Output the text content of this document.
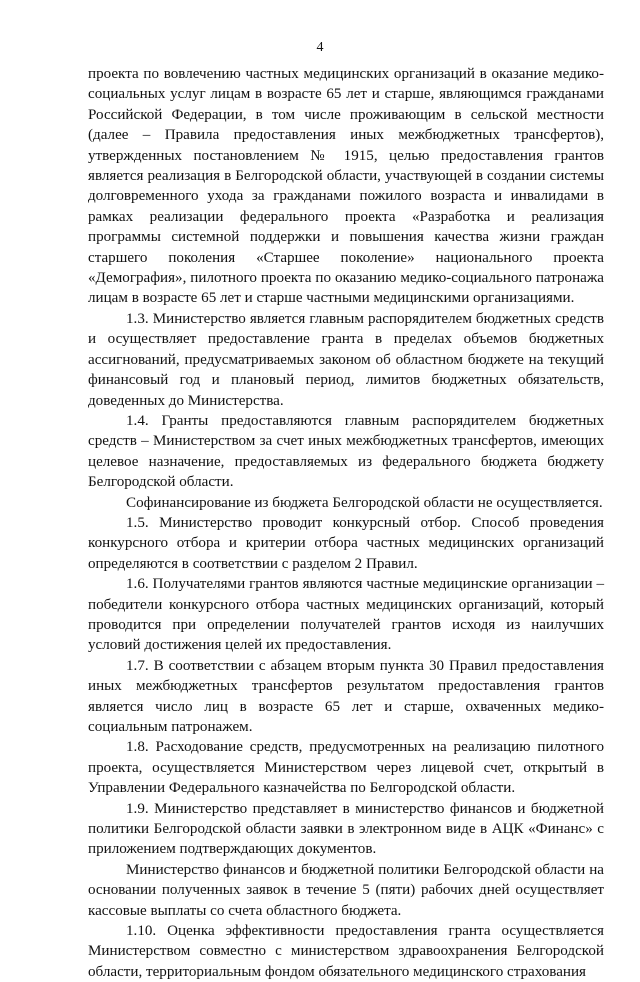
4

проекта по вовлечению частных медицинских организаций в оказание медико-социальных услуг лицам в возрасте 65 лет и старше, являющимся гражданами Российской Федерации, в том числе проживающим в сельской местности (далее – Правила предоставления иных межбюджетных трансфертов), утвержденных постановлением № 1915, целью предоставления грантов является реализация в Белгородской области, участвующей в создании системы долговременного ухода за гражданами пожилого возраста и инвалидами в рамках реализации федерального проекта «Разработка и реализация программы системной поддержки и повышения качества жизни граждан старшего поколения «Старшее поколение» национального проекта «Демография», пилотного проекта по оказанию медико-социального патронажа лицам в возрасте 65 лет и старше частными медицинскими организациями.

1.3. Министерство является главным распорядителем бюджетных средств и осуществляет предоставление гранта в пределах объемов бюджетных ассигнований, предусматриваемых законом об областном бюджете на текущий финансовый год и плановый период, лимитов бюджетных обязательств, доведенных до Министерства.

1.4. Гранты предоставляются главным распорядителем бюджетных средств – Министерством за счет иных межбюджетных трансфертов, имеющих целевое назначение, предоставляемых из федерального бюджета бюджету Белгородской области.

Софинансирование из бюджета Белгородской области не осуществляется.

1.5. Министерство проводит конкурсный отбор. Способ проведения конкурсного отбора и критерии отбора частных медицинских организаций определяются в соответствии с разделом 2 Правил.

1.6. Получателями грантов являются частные медицинские организации – победители конкурсного отбора частных медицинских организаций, который проводится при определении получателей грантов исходя из наилучших условий достижения целей их предоставления.

1.7. В соответствии с абзацем вторым пункта 30 Правил предоставления иных межбюджетных трансфертов результатом предоставления грантов является число лиц в возрасте 65 лет и старше, охваченных медико-социальным патронажем.

1.8. Расходование средств, предусмотренных на реализацию пилотного проекта, осуществляется Министерством через лицевой счет, открытый в Управлении Федерального казначейства по Белгородской области.

1.9. Министерство представляет в министерство финансов и бюджетной политики Белгородской области заявки в электронном виде в АЦК «Финанс» с приложением подтверждающих документов.

Министерство финансов и бюджетной политики Белгородской области на основании полученных заявок в течение 5 (пяти) рабочих дней осуществляет кассовые выплаты со счета областного бюджета.

1.10. Оценка эффективности предоставления гранта осуществляется Министерством совместно с министерством здравоохранения Белгородской области, территориальным фондом обязательного медицинского страхования
